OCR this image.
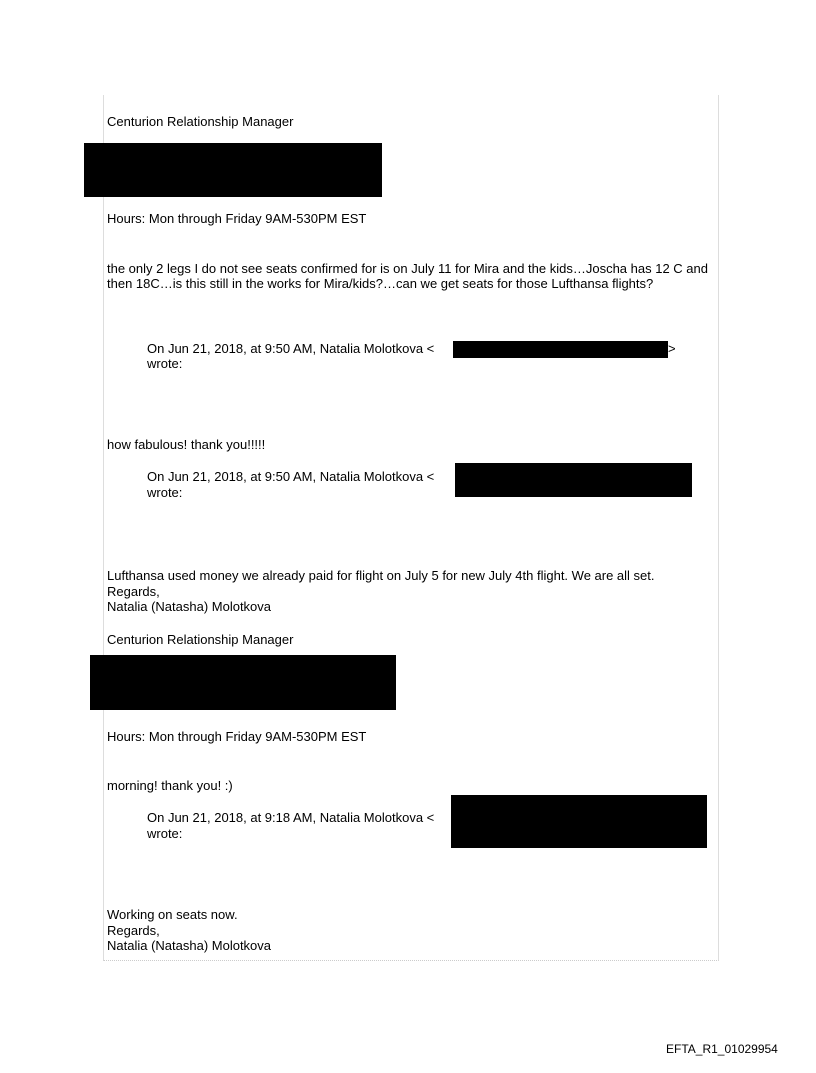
Centurion Relationship Manager

Hours: Mon through Friday 9AM-530PM EST

the only 2 legs I do not see seats confirmed for is on July 11 for Mira and the kids…Joscha has 12 C and then 18C…is this still in the works for Mira/kids?…can we get seats for those Lufthansa flights?

On Jun 21, 2018, at 9:50 AM, Natalia Molotkova <	>

wrote:

how fabulous! thank you!!!!!

On Jun 21, 2018, at 9:50 AM, Natalia Molotkova <

wrote:

Lufthansa used money we already paid for flight on July 5 for new July 4th flight. We are all set.

Regards,

Natalia (Natasha) Molotkova

Centurion Relationship Manager

Hours: Mon through Friday 9AM-530PM EST

morning! thank you! :)

On Jun 21, 2018, at 9:18 AM, Natalia Molotkova <

wrote:

Working on seats now.

Regards,

Natalia (Natasha) Molotkova

EFTA_R1_01029954
